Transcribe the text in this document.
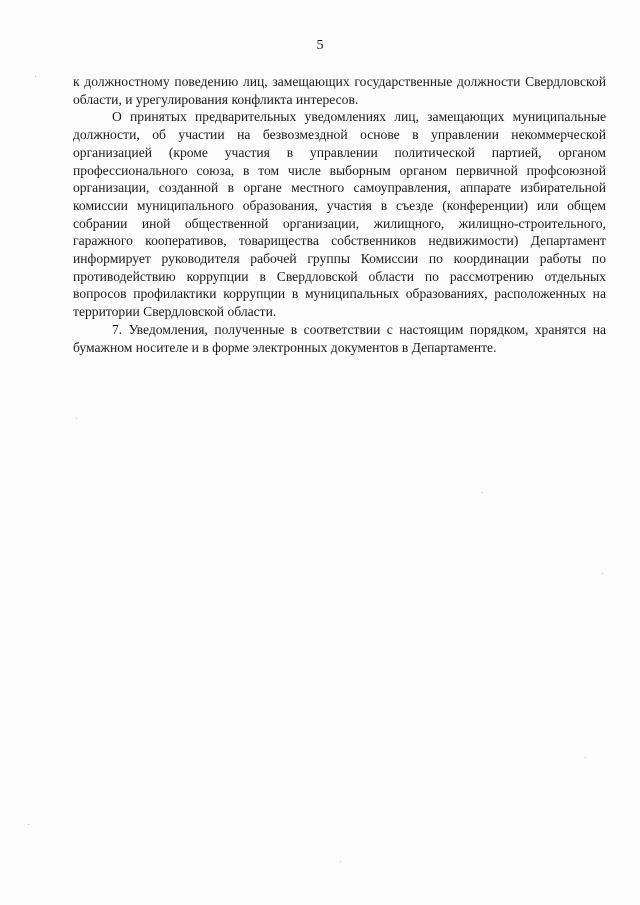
5

к должностному поведению лиц, замещающих государственные должности Свердловской области, и урегулирования конфликта интересов.

О принятых предварительных уведомлениях лиц, замещающих муниципальные должности, об участии на безвозмездной основе в управлении некоммерческой организацией (кроме участия в управлении политической партией, органом профессионального союза, в том числе выборным органом первичной профсоюзной организации, созданной в органе местного самоуправления, аппарате избирательной комиссии муниципального образования, участия в съезде (конференции) или общем собрании иной общественной организации, жилищного, жилищно-строительного, гаражного кооперативов, товарищества собственников недвижимости) Департамент информирует руководителя рабочей группы Комиссии по координации работы по противодействию коррупции в Свердловской области по рассмотрению отдельных вопросов профилактики коррупции в муниципальных образованиях, расположенных на территории Свердловской области.

7. Уведомления, полученные в соответствии с настоящим порядком, хранятся на бумажном носителе и в форме электронных документов в Департаменте.
